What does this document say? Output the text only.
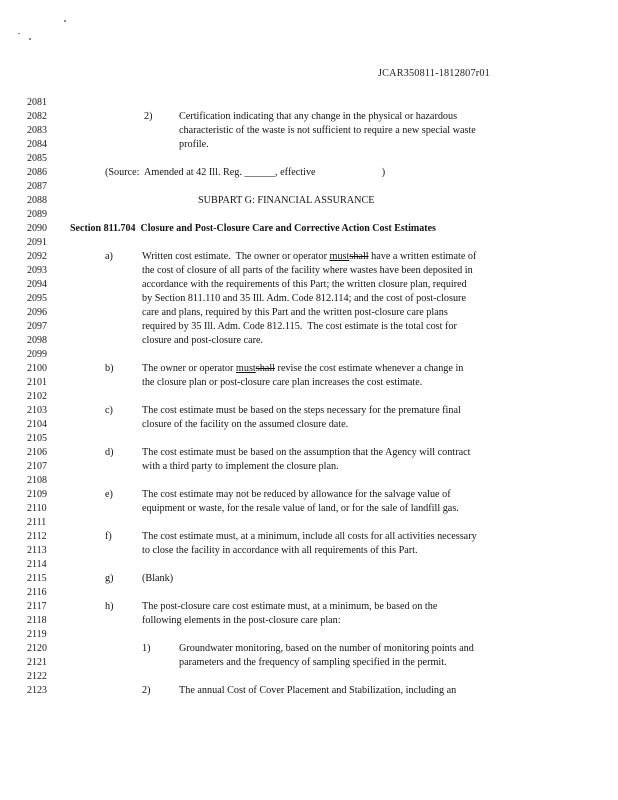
JCAR350811-1812807r01
2081
2082	2)	Certification indicating that any change in the physical or hazardous
2083	characteristic of the waste is not sufficient to require a new special waste
2084	profile.
2085
2086	(Source:  Amended at 42 Ill. Reg. ______, effective                          )
2087
2088	SUBPART G: FINANCIAL ASSURANCE
2089
2090 Section 811.704  Closure and Post-Closure Care and Corrective Action Cost Estimates
2091
2092	a)	Written cost estimate.  The owner or operator mustshall have a written estimate of
2093	the cost of closure of all parts of the facility where wastes have been deposited in
2094	accordance with the requirements of this Part; the written closure plan, required
2095	by Section 811.110 and 35 Ill. Adm. Code 812.114; and the cost of post-closure
2096	care and plans, required by this Part and the written post-closure care plans
2097	required by 35 Ill. Adm. Code 812.115.  The cost estimate is the total cost for
2098	closure and post-closure care.
2099
2100	b)	The owner or operator mustshall revise the cost estimate whenever a change in
2101	the closure plan or post-closure care plan increases the cost estimate.
2102
2103	c)	The cost estimate must be based on the steps necessary for the premature final
2104	closure of the facility on the assumed closure date.
2105
2106	d)	The cost estimate must be based on the assumption that the Agency will contract
2107	with a third party to implement the closure plan.
2108
2109	e)	The cost estimate may not be reduced by allowance for the salvage value of
2110	equipment or waste, for the resale value of land, or for the sale of landfill gas.
2111
2112	f)	The cost estimate must, at a minimum, include all costs for all activities necessary
2113	to close the facility in accordance with all requirements of this Part.
2114
2115	g)	(Blank)
2116
2117	h)	The post-closure care cost estimate must, at a minimum, be based on the
2118	following elements in the post-closure care plan:
2119
2120	1)	Groundwater monitoring, based on the number of monitoring points and
2121	parameters and the frequency of sampling specified in the permit.
2122
2123	2)	The annual Cost of Cover Placement and Stabilization, including an
